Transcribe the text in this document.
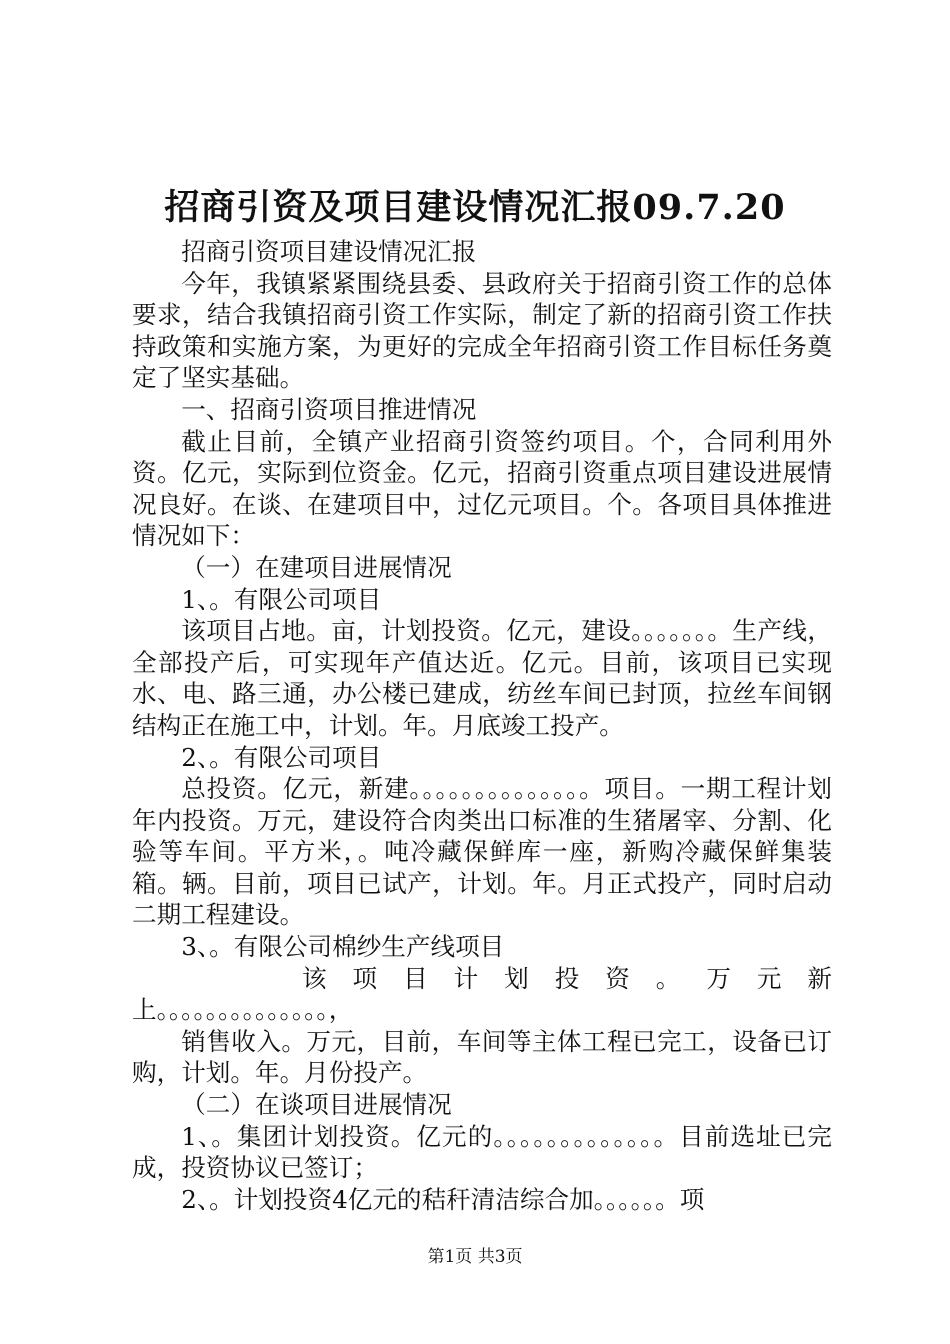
招商引资及项目建设情况汇报09.7.20

招商引资项目建设情况汇报

今年，我镇紧紧围绕县委、县政府关于招商引资工作的总体要求，结合我镇招商引资工作实际，制定了新的招商引资工作扶持政策和实施方案，为更好的完成全年招商引资工作目标任务奠定了坚实基础。

一、招商引资项目推进情况

截止目前，全镇产业招商引资签约项目。个，合同利用外资。亿元，实际到位资金。亿元，招商引资重点项目建设进展情况良好。在谈、在建项目中，过亿元项目。个。各项目具体推进情况如下：

（一）在建项目进展情况

1、。有限公司项目

该项目占地。亩，计划投资。亿元，建设。。。。。。。生产线，全部投产后，可实现年产值达近。亿元。目前，该项目已实现水、电、路三通，办公楼已建成，纺丝车间已封顶，拉丝车间钢结构正在施工中，计划。年。月底竣工投产。

2、。有限公司项目

总投资。亿元，新建。。。。。。。。。。。。。。项目。一期工程计划年内投资。万元，建设符合肉类出口标准的生猪屠宰、分割、化验等车间。平方米，。吨冷藏保鲜库一座，新购冷藏保鲜集装箱。辆。目前，项目已试产，计划。年。月正式投产，同时启动二期工程建设。

3、。有限公司棉纱生产线项目

该项目计划投资。万元新

上。。。。。。。。。。。。。。，

销售收入。万元，目前，车间等主体工程已完工，设备已订购，计划。年。月份投产。

（二）在谈项目进展情况

1、。集团计划投资。亿元的。。。。。。。。。。。。。目前选址已完成，投资协议已签订；

2、。计划投资4亿元的秸秆清洁综合加。。。。。。项

第1页 共3页
